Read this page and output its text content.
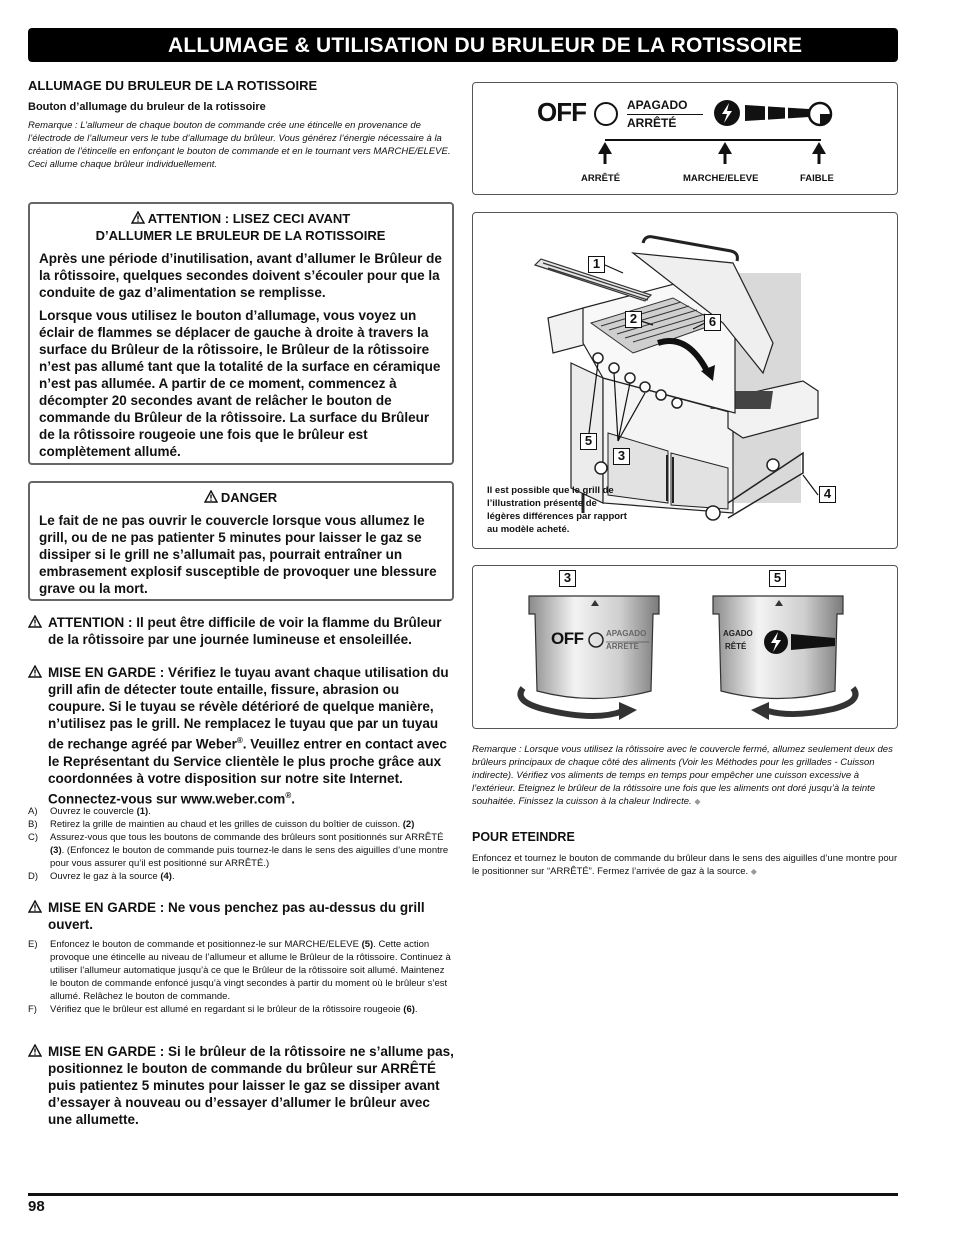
ALLUMAGE & UTILISATION DU BRULEUR DE LA ROTISSOIRE
ALLUMAGE DU BRULEUR DE LA ROTISSOIRE
Bouton d’allumage du bruleur de la rotissoire
Remarque : L’allumeur de chaque bouton de commande crée une étincelle en provenance de l’électrode de l’allumeur vers le tube d’allumage du brûleur. Vous générez l’énergie nécessaire à la création de l’étincelle en enfonçant le bouton de commande et en le tournant vers MARCHE/ELEVE. Ceci allume chaque brûleur individuellement.
ATTENTION : LISEZ CECI AVANT
D’ALLUMER LE BRULEUR DE LA ROTISSOIRE

Après une période d’inutilisation, avant d’allumer le Brûleur de la rôtissoire, quelques secondes doivent s’écouler pour que la conduite de gaz d’alimentation se remplisse.

Lorsque vous utilisez le bouton d’allumage, vous voyez un éclair de flammes se déplacer de gauche à droite à travers la surface du Brûleur de la rôtissoire, le Brûleur de la rôtissoire n’est pas allumé tant que la totalité de la surface en céramique n’est pas allumée. A partir de ce moment, commencez à décompter 20 secondes avant de relâcher le bouton de commande du Brûleur de la rôtissoire. La surface du Brûleur de la rôtissoire rougeoie une fois que le brûleur est complètement allumé.

DANGER

Le fait de ne pas ouvrir le couvercle lorsque vous allumez le grill, ou de ne pas patienter 5 minutes pour laisser le gaz se dissiper si le grill ne s’allumait pas, pourrait entraîner un embrasement explosif susceptible de provoquer une blessure grave ou la mort.

ATTENTION : Il peut être difficile de voir la flamme du Brûleur de la rôtissoire par une journée lumineuse et ensoleillée.
MISE EN GARDE : Vérifiez le tuyau avant chaque utilisation du grill afin de détecter toute entaille, fissure, abrasion ou coupure. Si le tuyau se révèle détérioré de quelque manière, n’utilisez pas le grill. Ne remplacez le tuyau que par un tuyau de rechange agréé par Weber®. Veuillez entrer en contact avec le Représentant du Service clientèle le plus proche grâce aux coordonnées à votre disposition sur notre site Internet. Connectez-vous sur www.weber.com®.
A) Ouvrez le couvercle (1).
B) Retirez la grille de maintien au chaud et les grilles de cuisson du boîtier de cuisson. (2)
C) Assurez-vous que tous les boutons de commande des brûleurs sont positionnés sur ARRÊTÉ (3). (Enfoncez le bouton de commande puis tournez-le dans le sens des aiguilles d’une montre pour vous assurer qu’il est positionné sur ARRÊTÉ.)
D) Ouvrez le gaz à la source (4).
MISE EN GARDE : Ne vous penchez pas au-dessus du grill ouvert.
E) Enfoncez le bouton de commande et positionnez-le sur MARCHE/ELEVE (5). Cette action provoque une étincelle au niveau de l’allumeur et allume le Brûleur de la rôtissoire. Continuez à utiliser l’allumeur automatique jusqu’à ce que le Brûleur de la rôtissoire soit allumé. Maintenez le bouton de commande enfoncé jusqu’à vingt secondes à partir du moment où le brûleur s’est allumé. Relâchez le bouton de commande.
F) Vérifiez que le brûleur est allumé en regardant si le brûleur de la rôtissoire rougeoie (6).
MISE EN GARDE : Si le brûleur de la rôtissoire ne s’allume pas, positionnez le bouton de commande du brûleur sur ARRÊTÉ puis patientez 5 minutes pour laisser le gaz se dissiper avant d’essayer à nouveau ou d’essayer d’allumer le brûleur avec une allumette.
OFF	APAGADO
ARRÊTÉ
ARRÊTÉ	MARCHE/ELEVE	FAIBLE
1
2
3
4
5
6
Il est possible que le grill de l’illustration présente de légères différences par rapport au modèle acheté.
3	5
OFF	APAGADO
ARRÊTÉ
AGADO
RÊTÉ
Remarque : Lorsque vous utilisez la rôtissoire avec le couvercle fermé, allumez seulement deux des brûleurs principaux de chaque côté des aliments (Voir les Méthodes pour les grillades - Cuisson indirecte). Vérifiez vos aliments de temps en temps pour empêcher une cuisson excessive à l’extérieur. Eteignez le brûleur de la rôtissoire une fois que les aliments ont doré jusqu’à la teinte souhaitée. Finissez la cuisson à la chaleur Indirecte. ◆
POUR ETEINDRE
Enfoncez et tournez le bouton de commande du brûleur dans le sens des aiguilles d’une montre pour le positionner sur “ARRÊTÉ”. Fermez l’arrivée de gaz à la source. ◆
98
